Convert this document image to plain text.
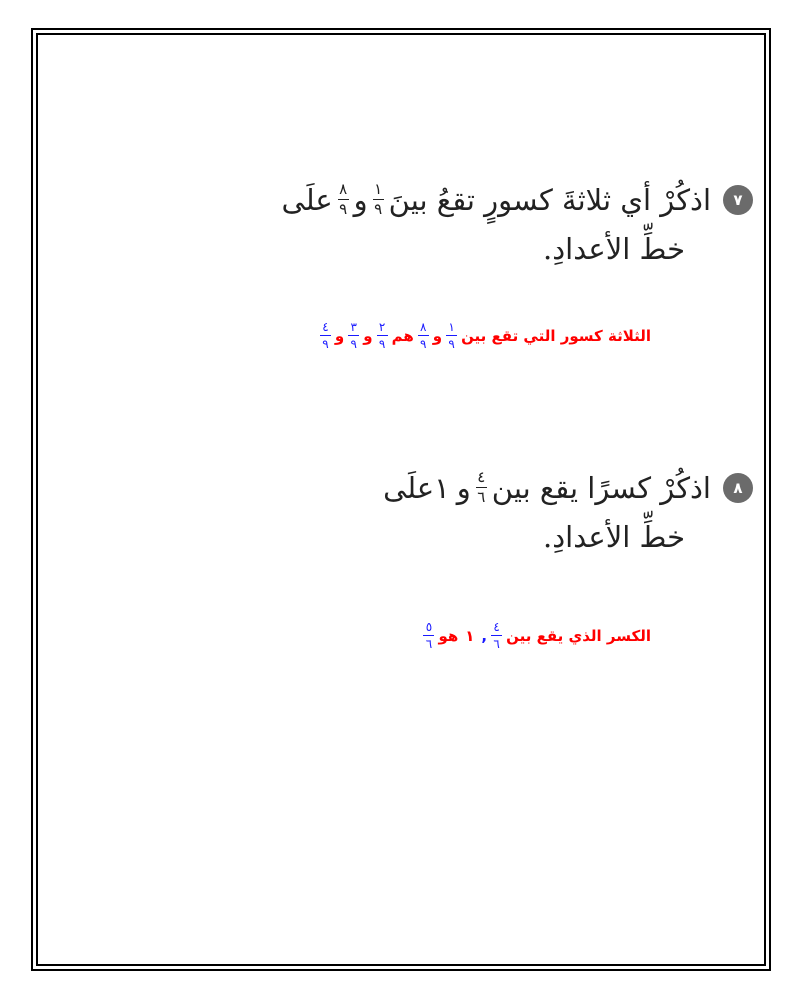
٧
اذكُرْ أي ثلاثةَ كسورٍ تقعُ بينَ
$\frac{١}{٩}$
و
$\frac{٨}{٩}$
علَى
خطِّ الأعدادِ.
الثلاثة كسور التي تقع بين
$\frac{١}{٩}$
و
$\frac{٨}{٩}$
هم
$\frac{٢}{٩}$
و
$\frac{٣}{٩}$
و
$\frac{٤}{٩}$
٨
اذكُرْ كسرًا يقع بين
$\frac{٤}{٦}$
و
١
علَى
خطِّ الأعدادِ.
الكسر الذي يقع بين
$\frac{٤}{٦}$
,
١
هو
$\frac{٥}{٦}$
